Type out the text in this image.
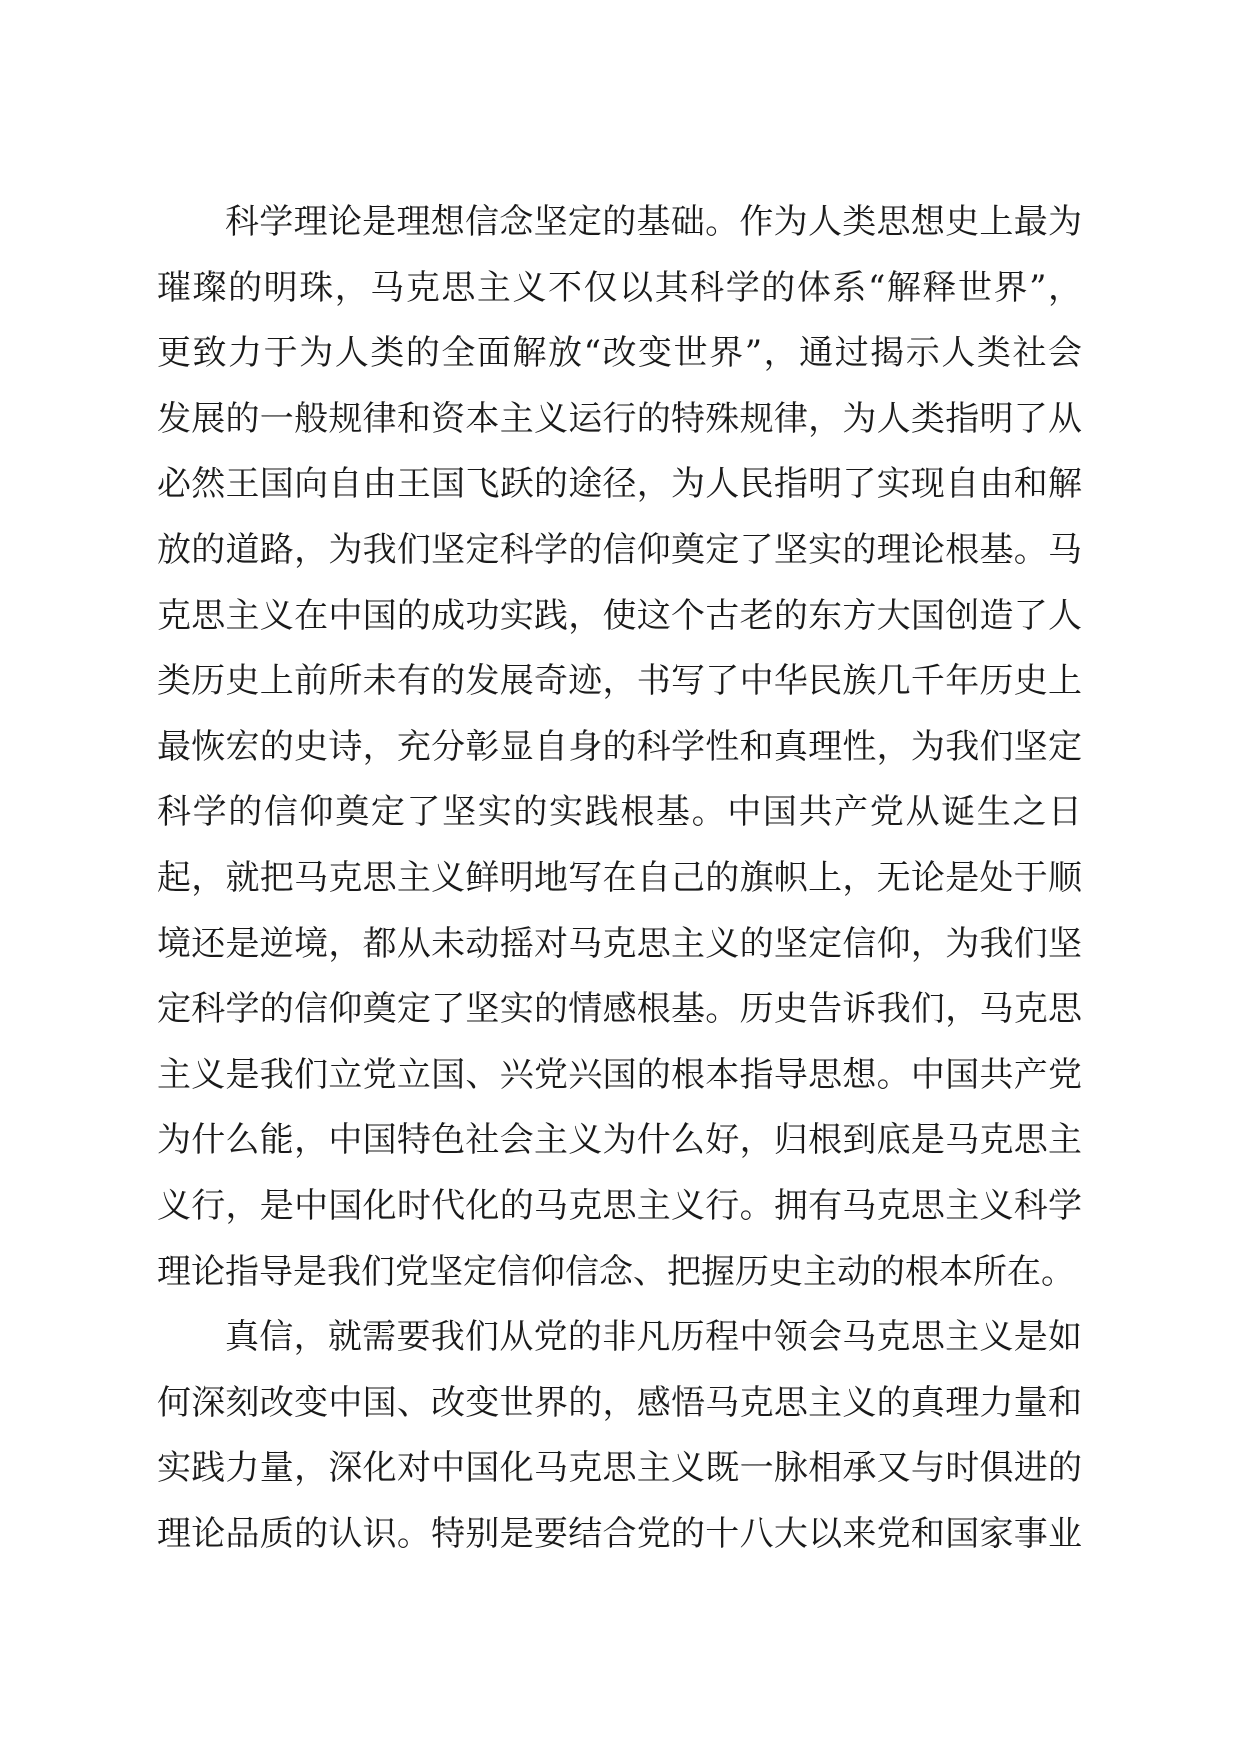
科学理论是理想信念坚定的基础。作为人类思想史上最为
璀璨的明珠，马克思主义不仅以其科学的体系“解释世界”，
更致力于为人类的全面解放“改变世界”，通过揭示人类社会
发展的一般规律和资本主义运行的特殊规律，为人类指明了从
必然王国向自由王国飞跃的途径，为人民指明了实现自由和解
放的道路，为我们坚定科学的信仰奠定了坚实的理论根基。马
克思主义在中国的成功实践，使这个古老的东方大国创造了人
类历史上前所未有的发展奇迹，书写了中华民族几千年历史上
最恢宏的史诗，充分彰显自身的科学性和真理性，为我们坚定
科学的信仰奠定了坚实的实践根基。中国共产党从诞生之日
起，就把马克思主义鲜明地写在自己的旗帜上，无论是处于顺
境还是逆境，都从未动摇对马克思主义的坚定信仰，为我们坚
定科学的信仰奠定了坚实的情感根基。历史告诉我们，马克思
主义是我们立党立国、兴党兴国的根本指导思想。中国共产党
为什么能，中国特色社会主义为什么好，归根到底是马克思主
义行，是中国化时代化的马克思主义行。拥有马克思主义科学
理论指导是我们党坚定信仰信念、把握历史主动的根本所在。
真信，就需要我们从党的非凡历程中领会马克思主义是如
何深刻改变中国、改变世界的，感悟马克思主义的真理力量和
实践力量，深化对中国化马克思主义既一脉相承又与时俱进的
理论品质的认识。特别是要结合党的十八大以来党和国家事业
